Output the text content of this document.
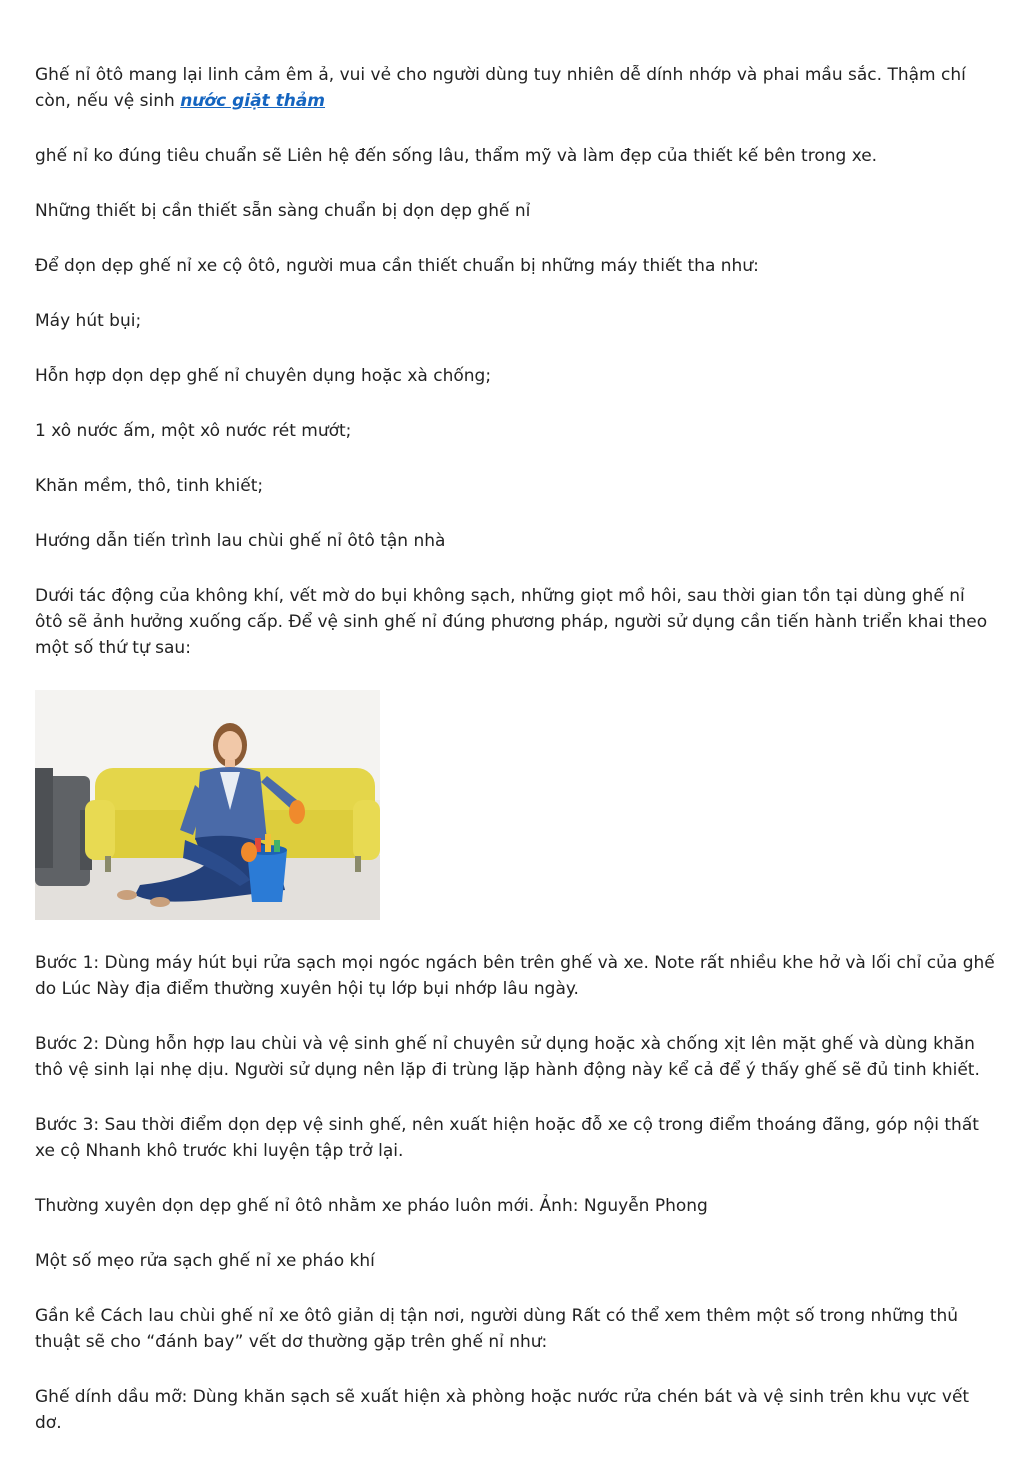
Ghế nỉ ôtô mang lại linh cảm êm ả, vui vẻ cho người dùng tuy nhiên dễ dính nhớp và phai mầu sắc. Thậm chí còn, nếu vệ sinh nước giặt thảm

ghế nỉ ko đúng tiêu chuẩn sẽ Liên hệ đến sống lâu, thẩm mỹ và làm đẹp của thiết kế bên trong xe.

Những thiết bị cần thiết sẵn sàng chuẩn bị dọn dẹp ghế nỉ

Để dọn dẹp ghế nỉ xe cộ ôtô, người mua cần thiết chuẩn bị những máy thiết tha như:

Máy hút bụi;

Hỗn hợp dọn dẹp ghế nỉ chuyên dụng hoặc xà chống;

1 xô nước ấm, một xô nước rét mướt;

Khăn mềm, thô, tinh khiết;

Hướng dẫn tiến trình lau chùi ghế nỉ ôtô tận nhà

Dưới tác động của không khí, vết mờ do bụi không sạch, những giọt mồ hôi, sau thời gian tồn tại dùng ghế nỉ ôtô sẽ ảnh hưởng xuống cấp. Để vệ sinh ghế nỉ đúng phương pháp, người sử dụng cần tiến hành triển khai theo một số thứ tự sau:

Bước 1: Dùng máy hút bụi rửa sạch mọi ngóc ngách bên trên ghế và xe. Note rất nhiều khe hở và lối chỉ của ghế do Lúc Này địa điểm thường xuyên hội tụ lớp bụi nhớp lâu ngày.

Bước 2: Dùng hỗn hợp lau chùi và vệ sinh ghế nỉ chuyên sử dụng hoặc xà chống xịt lên mặt ghế và dùng khăn thô vệ sinh lại nhẹ dịu. Người sử dụng nên lặp đi trùng lặp hành động này kể cả để ý thấy ghế sẽ đủ tinh khiết.

Bước 3: Sau thời điểm dọn dẹp vệ sinh ghế, nên xuất hiện hoặc đỗ xe cộ trong điểm thoáng đãng, góp nội thất xe cộ Nhanh khô trước khi luyện tập trở lại.

Thường xuyên dọn dẹp ghế nỉ ôtô nhằm xe pháo luôn mới. Ảnh: Nguyễn Phong

Một số mẹo rửa sạch ghế nỉ xe pháo khí

Gần kề Cách lau chùi ghế nỉ xe ôtô giản dị tận nơi, người dùng Rất có thể xem thêm một số trong những thủ thuật sẽ cho “đánh bay” vết dơ thường gặp trên ghế nỉ như:

Ghế dính dầu mỡ: Dùng khăn sạch sẽ xuất hiện xà phòng hoặc nước rửa chén bát và vệ sinh trên khu vực vết dơ.
